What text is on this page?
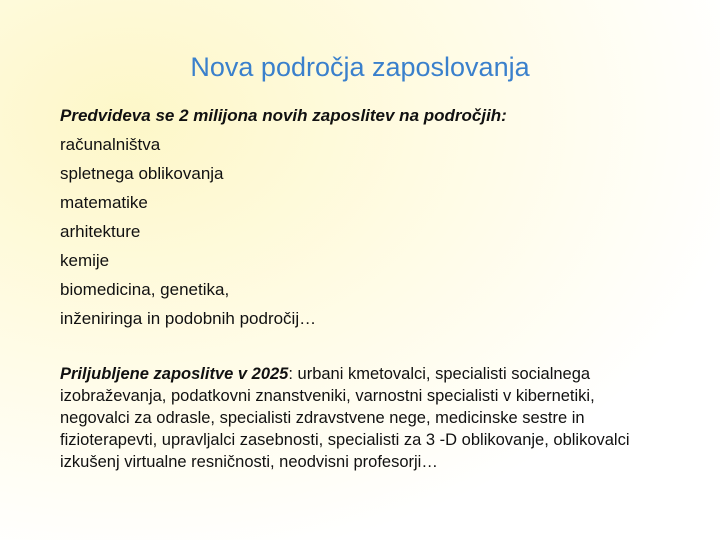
Nova področja zaposlovanja

Predvideva se 2 milijona novih zaposlitev na področjih:

računalništva
spletnega oblikovanja
matematike
arhitekture
kemije
biomedicina, genetika,
inženiringa in podobnih področij…

Priljubljene zaposlitve v 2025: urbani kmetovalci, specialisti socialnega izobraževanja, podatkovni znanstveniki, varnostni specialisti v kibernetiki, negovalci za odrasle, specialisti zdravstvene nege, medicinske sestre in fizioterapevti, upravljalci zasebnosti, specialisti za 3 -D oblikovanje, oblikovalci izkušenj virtualne resničnosti, neodvisni profesorji…
